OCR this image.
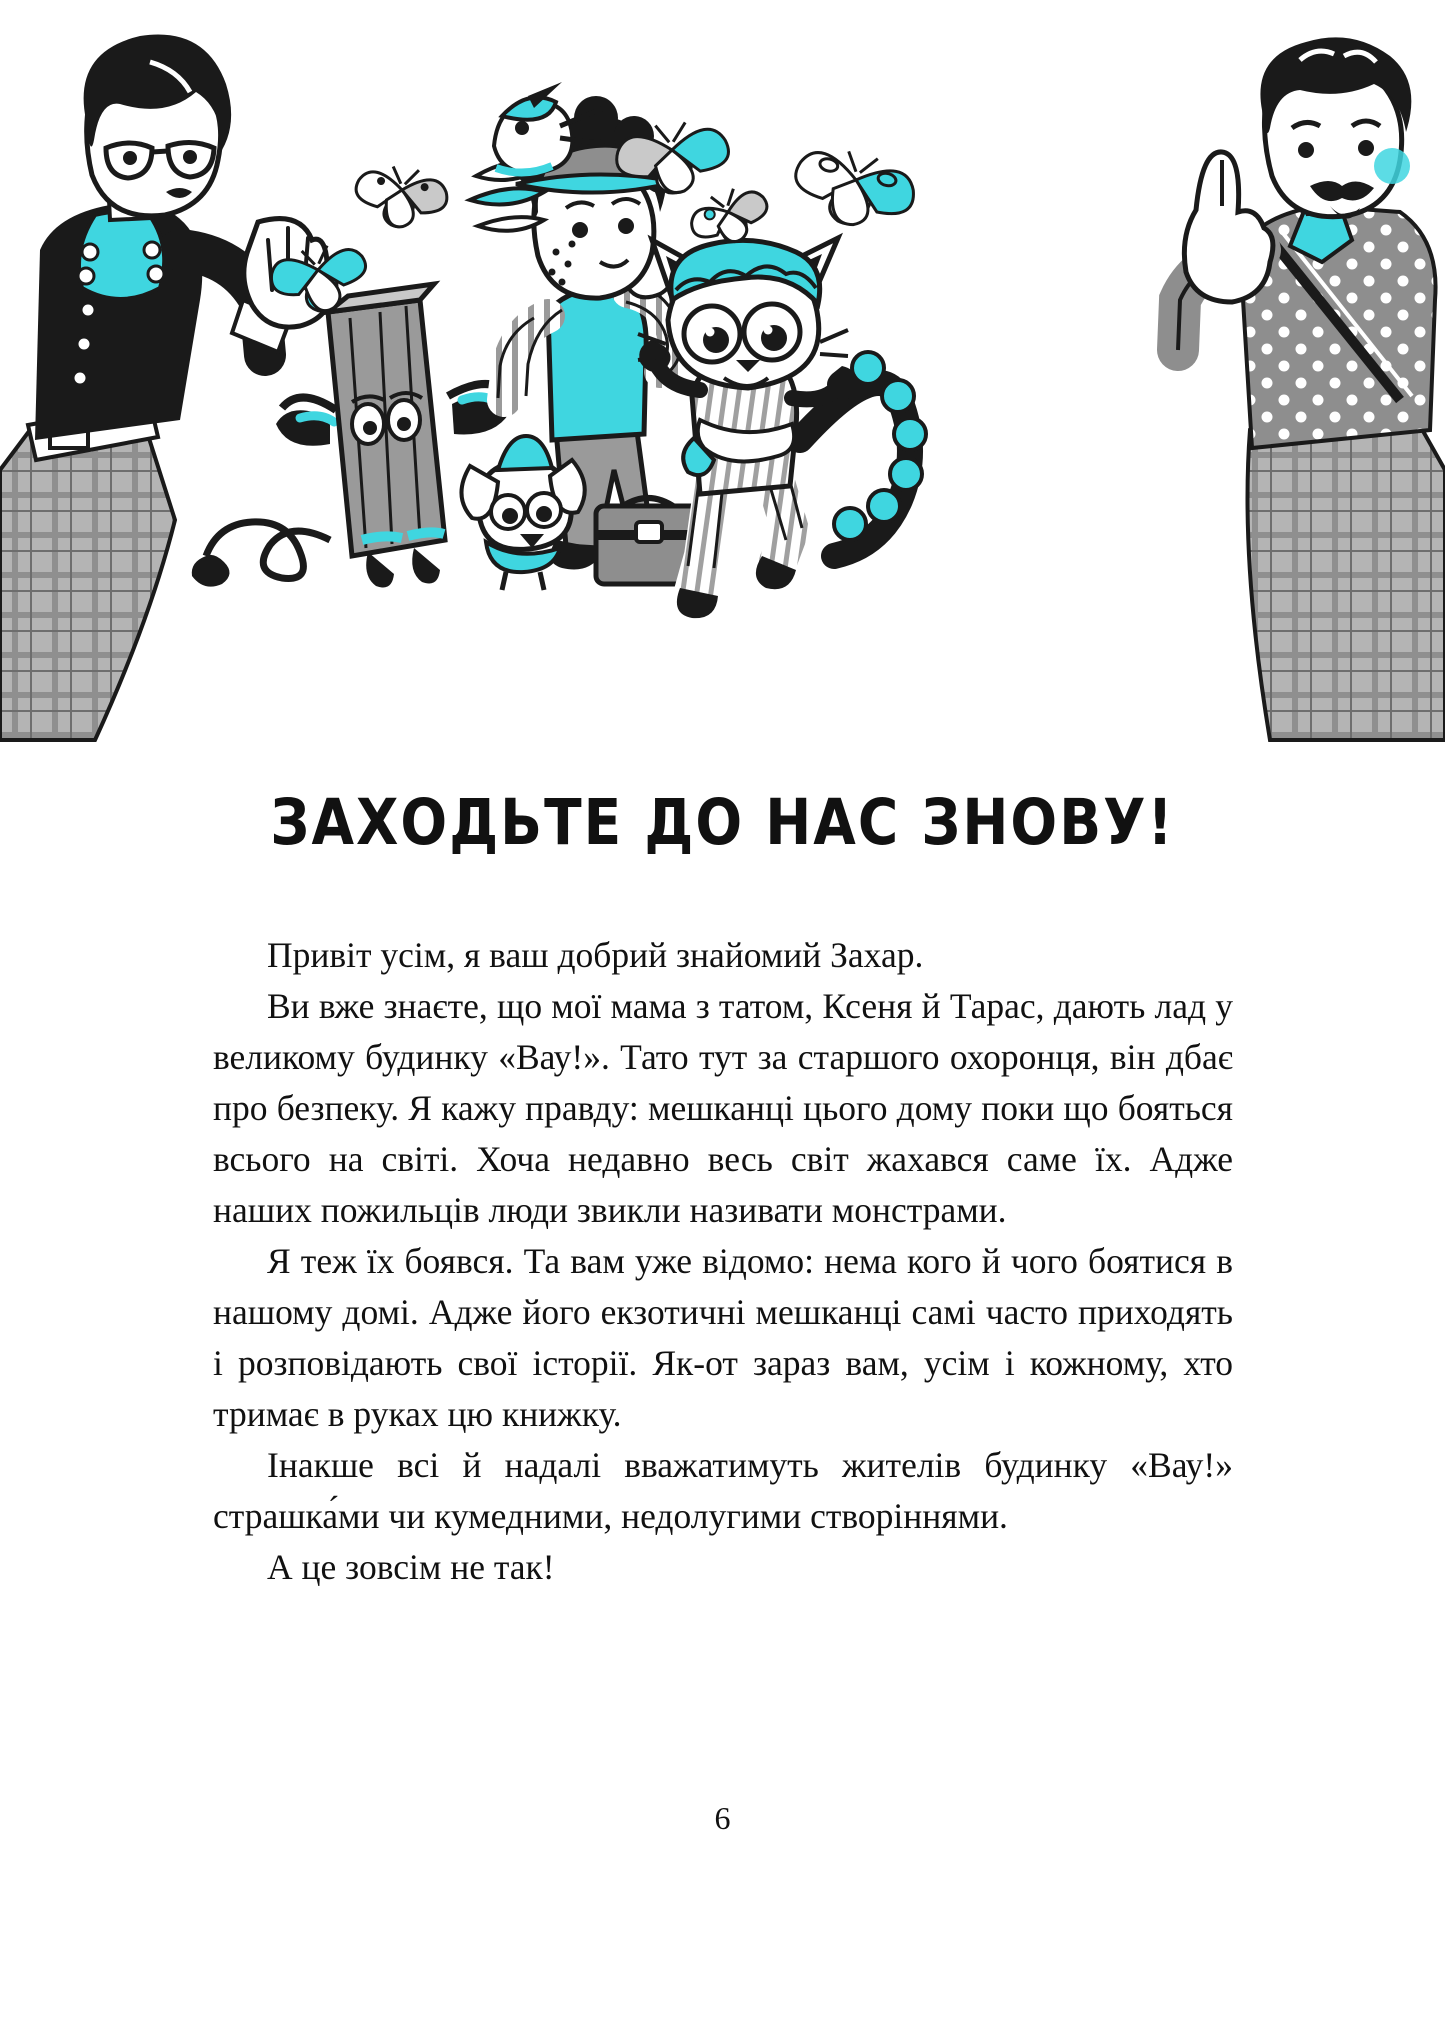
ЗАХОДЬТЕ ДО НАС ЗНОВУ!

Привіт усім, я ваш добрий знайомий Захар.

Ви вже знаєте, що мої мама з татом, Ксеня й Тарас, дають лад у великому будинку «Вау!». Тато тут за старшого охоронця, він дбає про безпеку. Я кажу правду: мешканці цього дому поки що бояться всього на світі. Хоча недавно весь світ жахався саме їх. Адже наших пожильців люди звикли називати монстрами.

Я теж їх боявся. Та вам уже відомо: нема кого й чого боятися в нашому домі. Адже його екзотичні мешканці самі часто приходять і розповідають свої історії. Як-от зараз вам, усім і кожному, хто тримає в руках цю книжку.

Інакше всі й надалі вважатимуть жителів будинку «Вау!» страшка́ми чи кумедними, недолугими створіннями.

А це зовсім не так!

6
